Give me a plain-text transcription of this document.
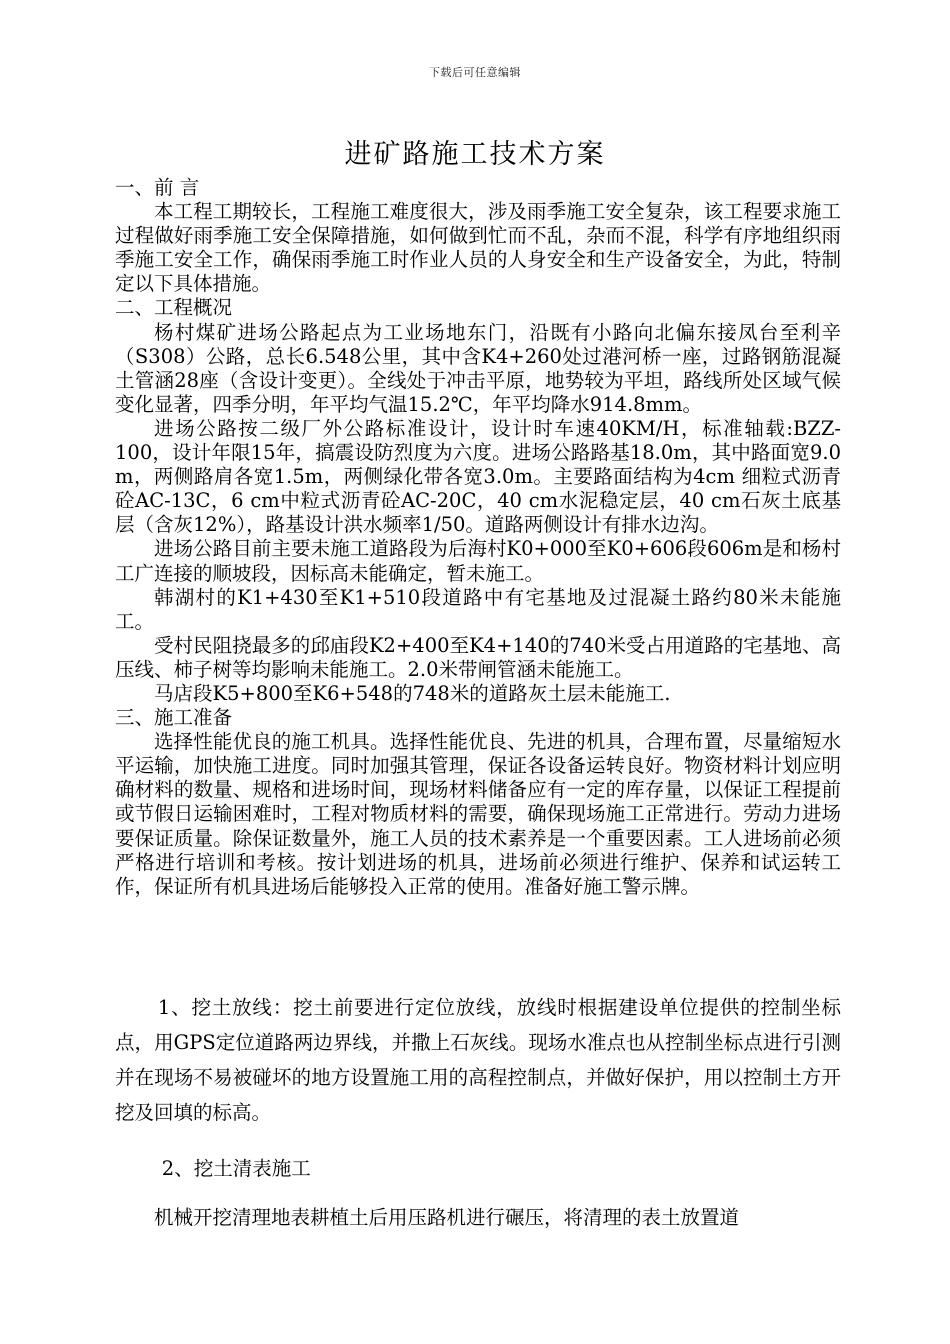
下载后可任意编辑
进矿路施工技术方案

一、前 言

本工程工期较长，工程施工难度很大，涉及雨季施工安全复杂，该工程要求施工过程做好雨季施工安全保障措施，如何做到忙而不乱，杂而不混，科学有序地组织雨季施工安全工作，确保雨季施工时作业人员的人身安全和生产设备安全，为此，特制定以下具体措施。

二、工程概况

杨村煤矿进场公路起点为工业场地东门，沿既有小路向北偏东接凤台至利辛（S308）公路，总长6.548公里，其中含K4+260处过港河桥一座，过路钢筋混凝土管涵28座（含设计变更）。全线处于冲击平原，地势较为平坦，路线所处区域气候变化显著，四季分明，年平均气温15.2℃，年平均降水914.8mm。

进场公路按二级厂外公路标准设计，设计时车速40KM/H，标准轴载:BZZ-100，设计年限15年，搞震设防烈度为六度。进场公路路基18.0m，其中路面宽9.0 m，两侧路肩各宽1.5m，两侧绿化带各宽3.0m。主要路面结构为4cm 细粒式沥青砼AC-13C，6 cm中粒式沥青砼AC-20C，40 cm水泥稳定层，40 cm石灰土底基层（含灰12%），路基设计洪水频率1/50。道路两侧设计有排水边沟。

进场公路目前主要未施工道路段为后海村K0+000至K0+606段606m是和杨村工广连接的顺坡段，因标高未能确定，暂未施工。

韩湖村的K1+430至K1+510段道路中有宅基地及过混凝土路约80米未能施工。

受村民阻挠最多的邱庙段K2+400至K4+140的740米受占用道路的宅基地、高压线、柿子树等均影响未能施工。2.0米带闸管涵未能施工。

马店段K5+800至K6+548的748米的道路灰土层未能施工.

三、施工准备

选择性能优良的施工机具。选择性能优良、先进的机具，合理布置，尽量缩短水平运输，加快施工进度。同时加强其管理，保证各设备运转良好。物资材料计划应明确材料的数量、规格和进场时间，现场材料储备应有一定的库存量，以保证工程提前或节假日运输困难时，工程对物质材料的需要，确保现场施工正常进行。劳动力进场要保证质量。除保证数量外，施工人员的技术素养是一个重要因素。工人进场前必须严格进行培训和考核。按计划进场的机具，进场前必须进行维护、保养和试运转工作，保证所有机具进场后能够投入正常的使用。准备好施工警示牌。

1、挖土放线：挖土前要进行定位放线，放线时根据建设单位提供的控制坐标点，用GPS定位道路两边界线，并撒上石灰线。现场水准点也从控制坐标点进行引测并在现场不易被碰坏的地方设置施工用的高程控制点，并做好保护，用以控制土方开挖及回填的标高。

2、挖土清表施工

机械开挖清理地表耕植土后用压路机进行碾压，将清理的表土放置道
